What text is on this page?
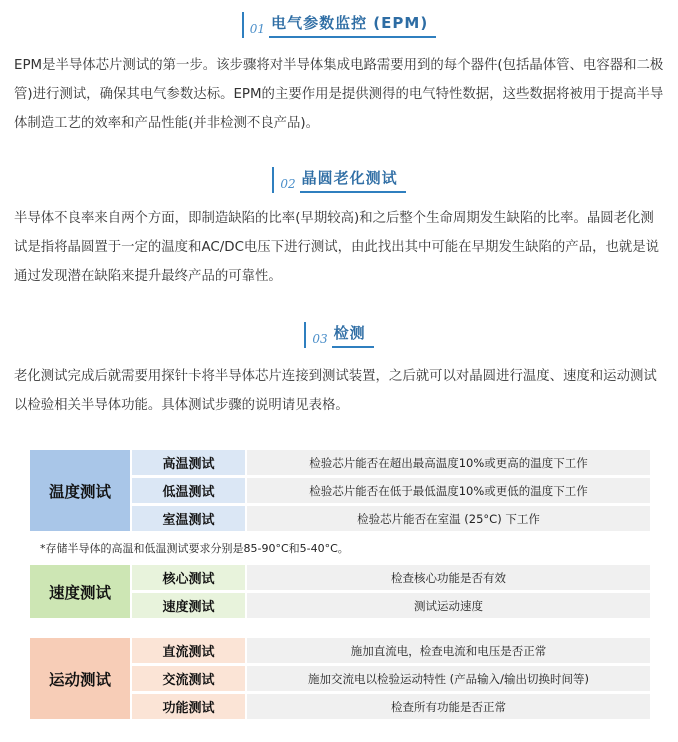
01 电气参数监控 (EPM)

EPM是半导体芯片测试的第一步。该步骤将对半导体集成电路需要用到的每个器件(包括晶体管、电容器和二极管)进行测试，确保其电气参数达标。EPM的主要作用是提供测得的电气特性数据，这些数据将被用于提高半导体制造工艺的效率和产品性能(并非检测不良产品)。

02 晶圆老化测试

半导体不良率来自两个方面，即制造缺陷的比率(早期较高)和之后整个生命周期发生缺陷的比率。晶圆老化测试是指将晶圆置于一定的温度和AC/DC电压下进行测试，由此找出其中可能在早期发生缺陷的产品，也就是说通过发现潜在缺陷来提升最终产品的可靠性。

03 检测

老化测试完成后就需要用探针卡将半导体芯片连接到测试装置，之后就可以对晶圆进行温度、速度和运动测试以检验相关半导体功能。具体测试步骤的说明请见表格。

温度测试
高温测试	检验芯片能否在超出最高温度10%或更高的温度下工作
低温测试	检验芯片能否在低于最低温度10%或更低的温度下工作
室温测试	检验芯片能否在室温 (25°C) 下工作
*存储半导体的高温和低温测试要求分别是85-90°C和5-40°C。
速度测试
核心测试	检查核心功能是否有效
速度测试	测试运动速度
运动测试
直流测试	施加直流电，检查电流和电压是否正常
交流测试	施加交流电以检验运动特性 (产品输入/输出切换时间等)
功能测试	检查所有功能是否正常
